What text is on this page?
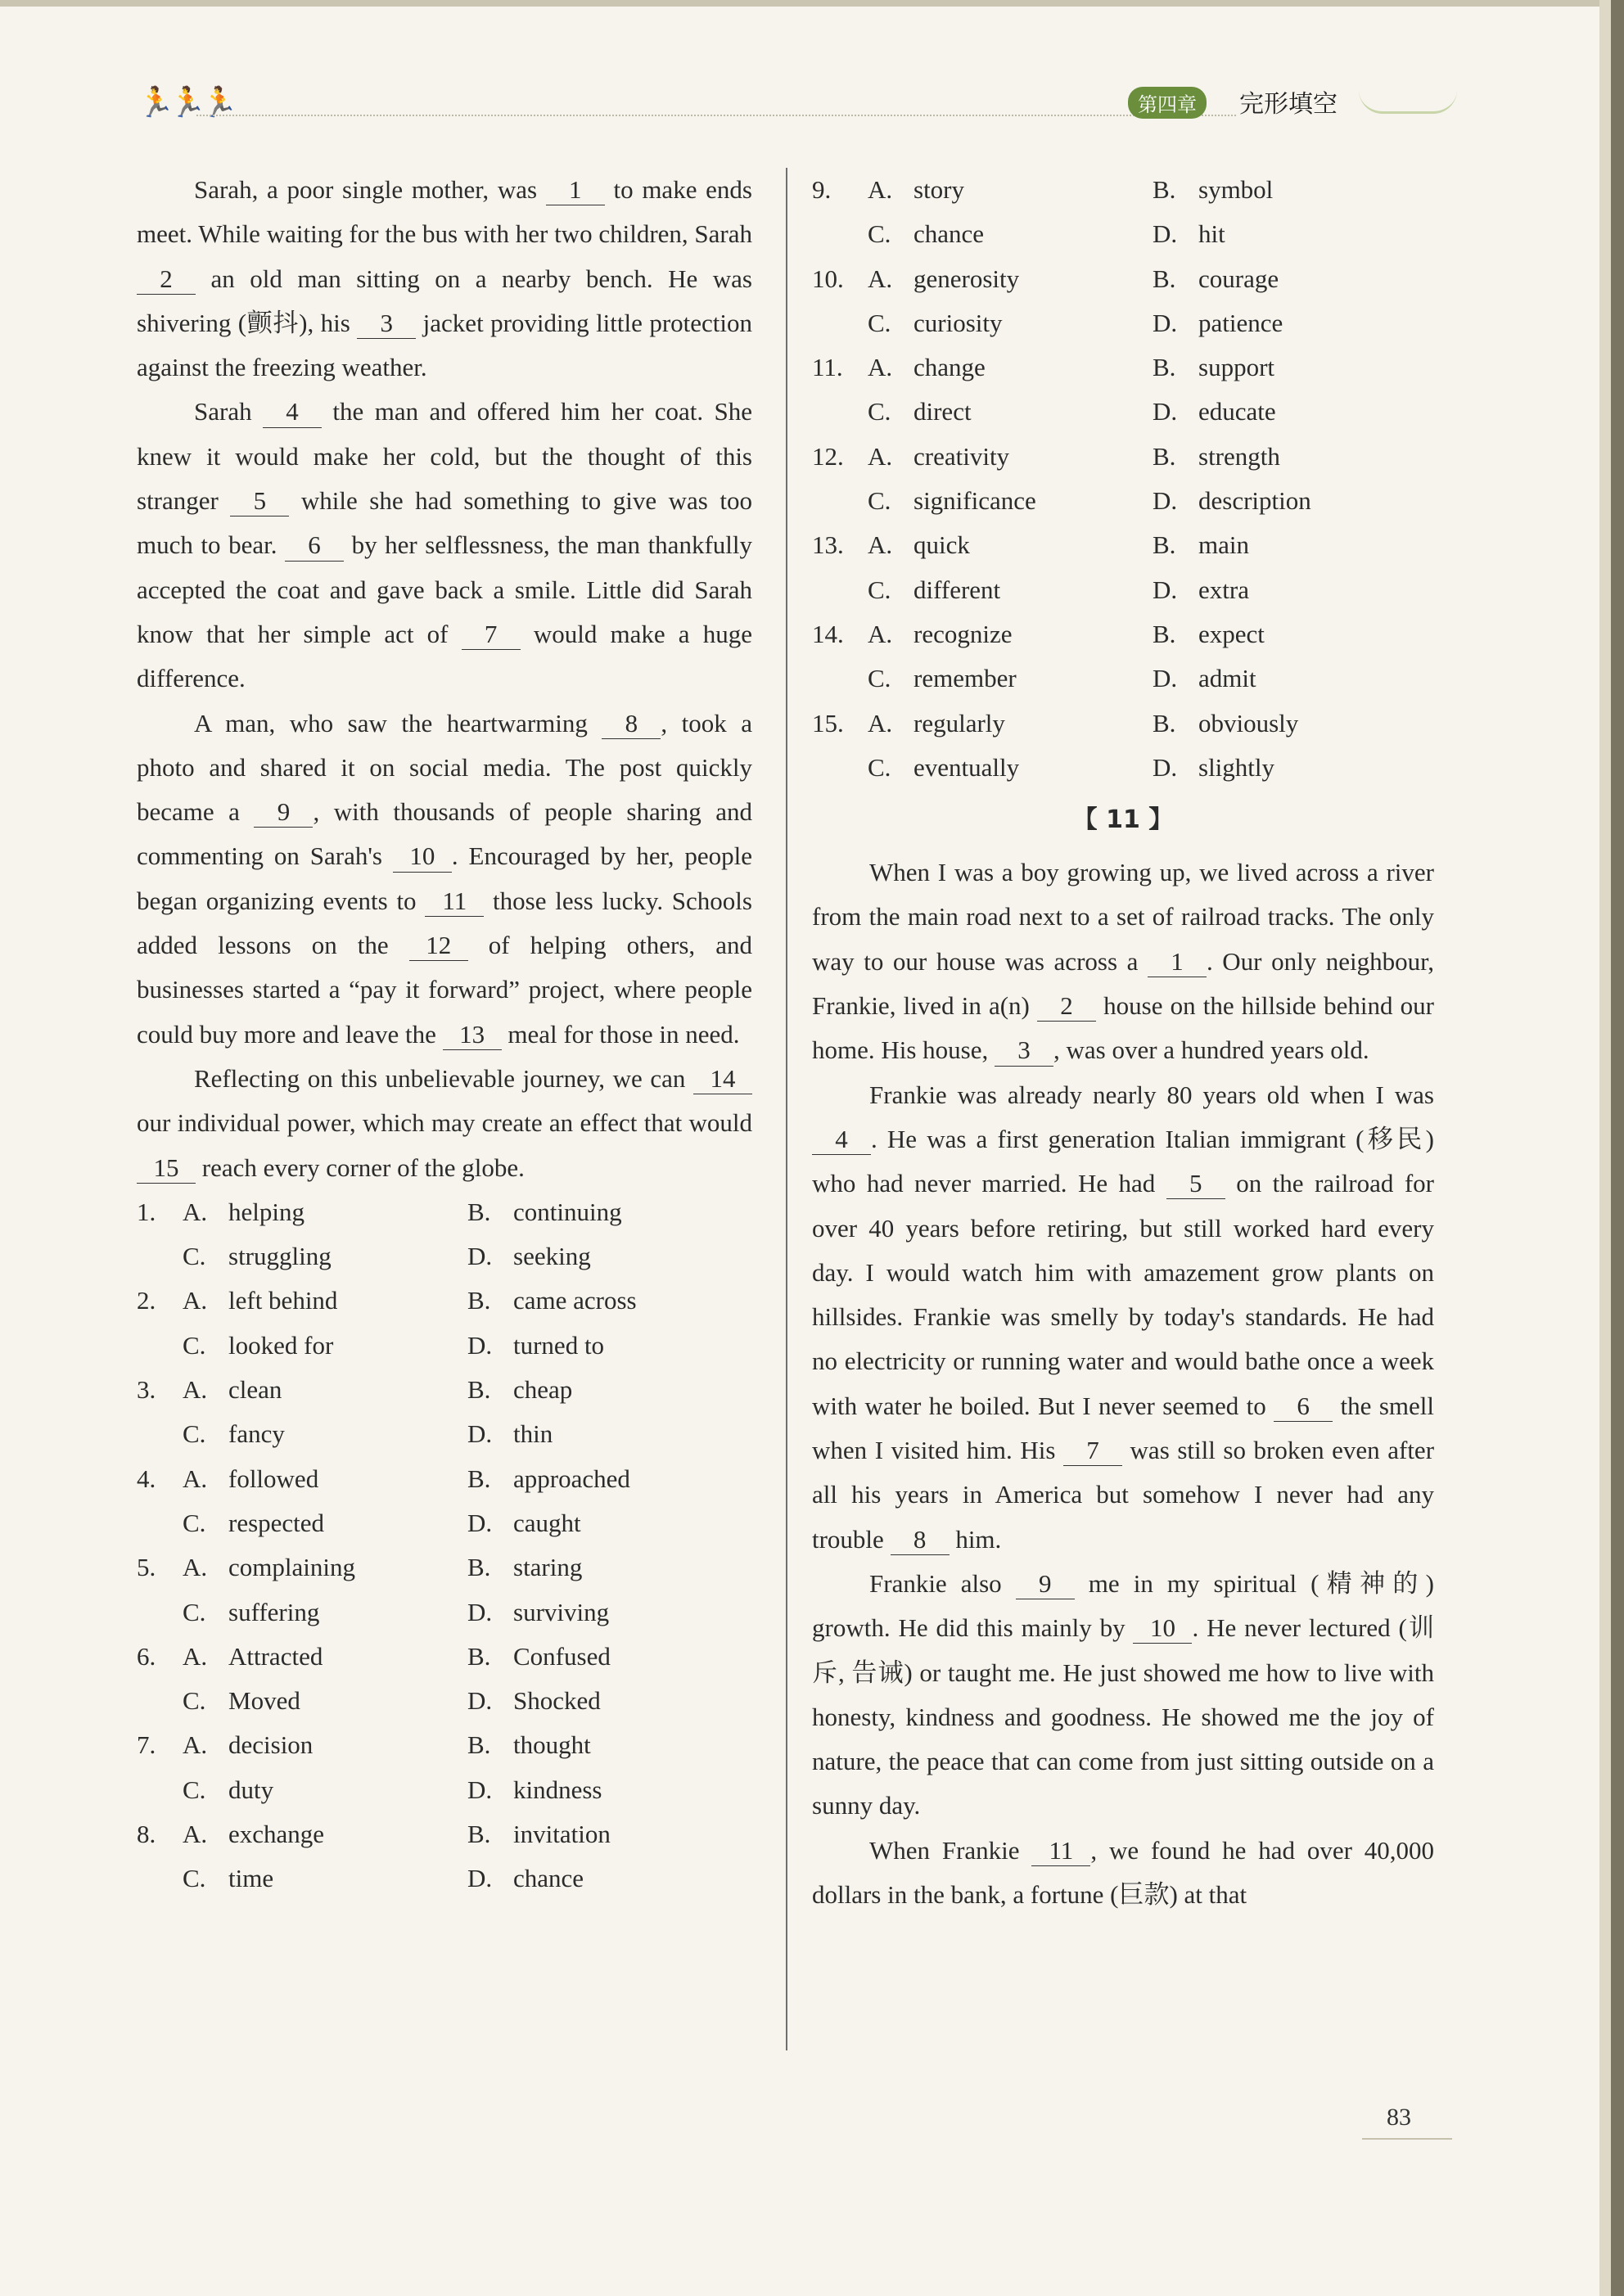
🏃🏃🏃	第四章	完形填空

Sarah, a poor single mother, was 1 to make ends meet. While waiting for the bus with her two children, Sarah 2 an old man sitting on a nearby bench. He was shivering (颤抖), his 3 jacket providing little protection against the freezing weather.

Sarah 4 the man and offered him her coat. She knew it would make her cold, but the thought of this stranger 5 while she had something to give was too much to bear. 6 by her selflessness, the man thankfully accepted the coat and gave back a smile. Little did Sarah know that her simple act of 7 would make a huge difference.

A man, who saw the heartwarming 8 , took a photo and shared it on social media. The post quickly became a 9 , with thousands of people sharing and commenting on Sarah's 10 . Encouraged by her, people began organizing events to 11 those less lucky. Schools added lessons on the 12 of helping others, and businesses started a “pay it forward” project, where people could buy more and leave the 13 meal for those in need.

Reflecting on this unbelievable journey, we can 14 our individual power, which may create an effect that would 15 reach every corner of the globe.

1.	A. helping	B. continuing
C. struggling	D. seeking
2.	A. left behind	B. came across
C. looked for	D. turned to
3.	A. clean	B. cheap
C. fancy	D. thin
4.	A. followed	B. approached
C. respected	D. caught
5.	A. complaining	B. staring
C. suffering	D. surviving
6.	A. Attracted	B. Confused
C. Moved	D. Shocked
7.	A. decision	B. thought
C. duty	D. kindness
8.	A. exchange	B. invitation
C. time	D. chance
9.	A. story	B. symbol
C. chance	D. hit
10. A. generosity	B. courage
C. curiosity	D. patience
11. A. change	B. support
C. direct	D. educate
12. A. creativity	B. strength
C. significance	D. description
13. A. quick	B. main
C. different	D. extra
14. A. recognize	B. expect
C. remember	D. admit
15. A. regularly	B. obviously
C. eventually	D. slightly
【 11 】

When I was a boy growing up, we lived across a river from the main road next to a set of railroad tracks. The only way to our house was across a 1 . Our only neighbour, Frankie, lived in a(n) 2 house on the hillside behind our home. His house, 3 , was over a hundred years old.

Frankie was already nearly 80 years old when I was 4 . He was a first generation Italian immigrant (移民) who had never married. He had 5 on the railroad for over 40 years before retiring, but still worked hard every day. I would watch him with amazement grow plants on hillsides. Frankie was smelly by today's standards. He had no electricity or running water and would bathe once a week with water he boiled. But I never seemed to 6 the smell when I visited him. His 7 was still so broken even after all his years in America but somehow I never had any trouble 8 him.

Frankie also 9 me in my spiritual (精神的) growth. He did this mainly by 10 . He never lectured (训斥, 告诫) or taught me. He just showed me how to live with honesty, kindness and goodness. He showed me the joy of nature, the peace that can come from just sitting outside on a sunny day.

When Frankie 11 , we found he had over 40,000 dollars in the bank, a fortune (巨款) at that

83
